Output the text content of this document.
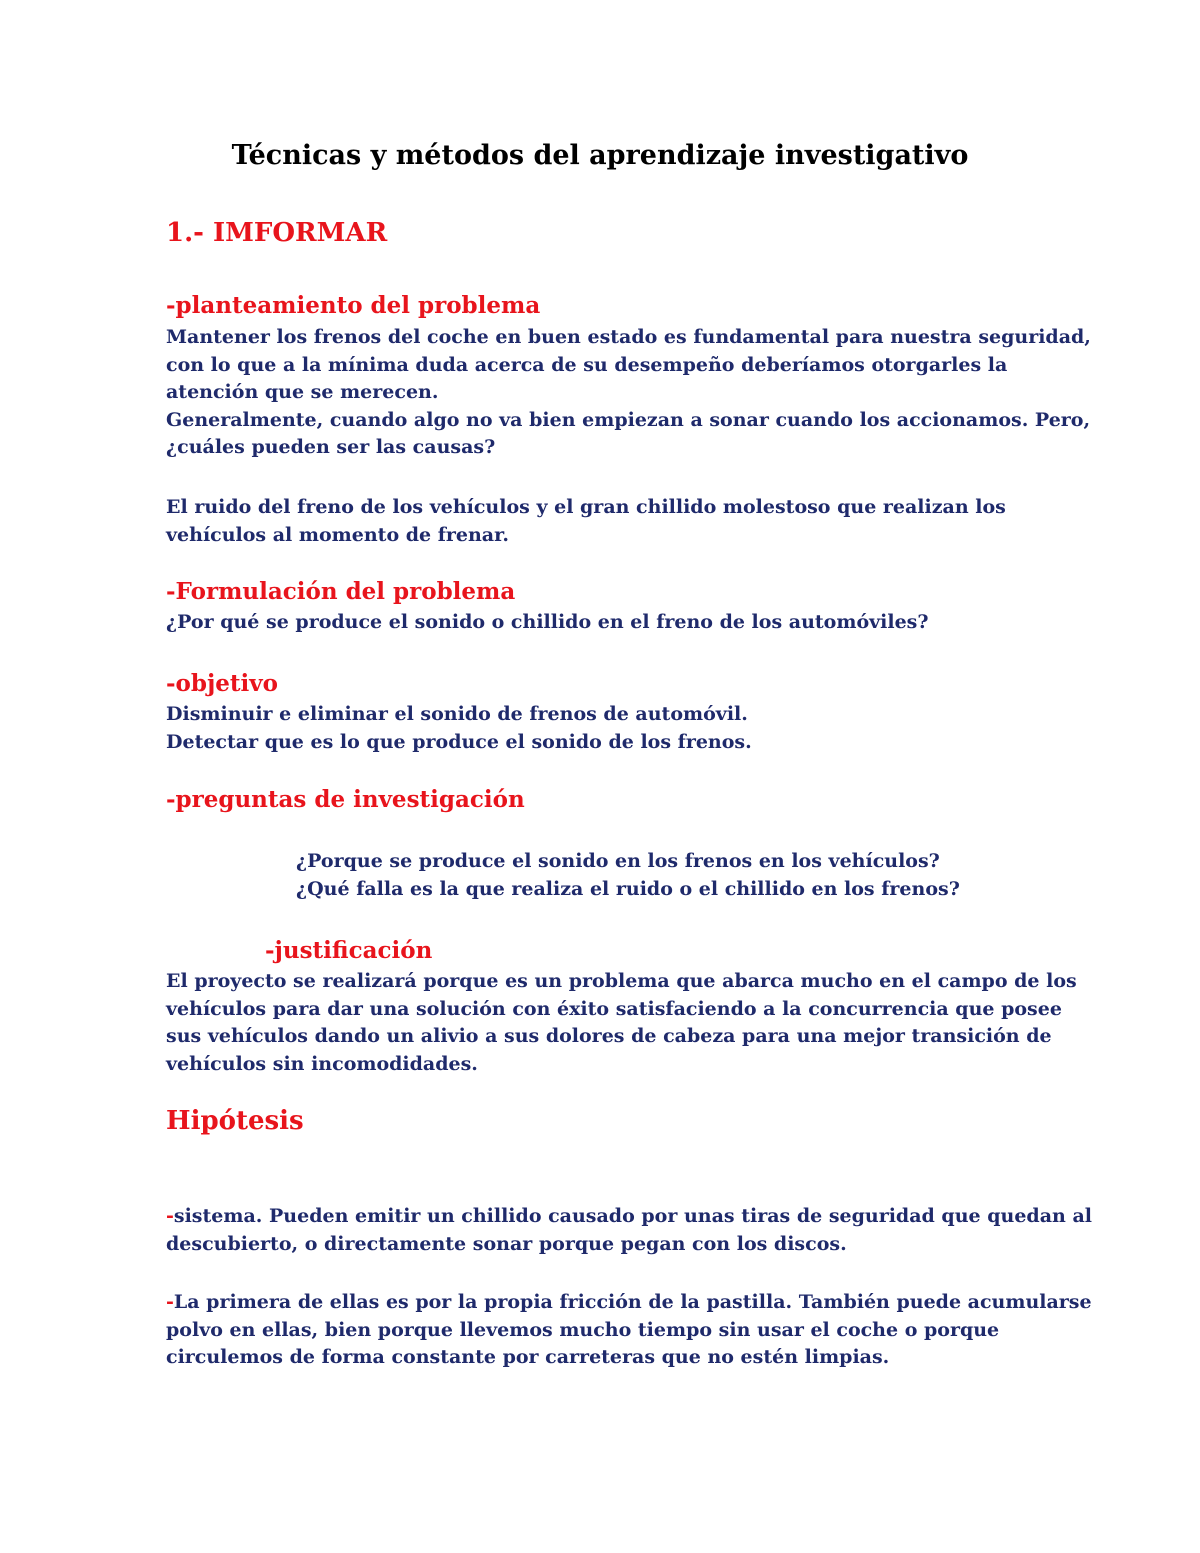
Técnicas y métodos del aprendizaje investigativo
1.- IMFORMAR
-planteamiento del problema

Mantener los frenos del coche en buen estado es fundamental para nuestra seguridad,
con lo que a la mínima duda acerca de su desempeño deberíamos otorgarles la
atención que se merecen.
Generalmente, cuando algo no va bien empiezan a sonar cuando los accionamos. Pero,
¿cuáles pueden ser las causas?

El ruido del freno de los vehículos y el gran chillido molestoso que realizan los
vehículos al momento de frenar.

-Formulación del problema

¿Por qué se produce el sonido o chillido en el freno de los automóviles?

-objetivo

Disminuir e eliminar el sonido de frenos de automóvil.
Detectar que es lo que produce el sonido de los frenos.

-preguntas de investigación

¿Porque se produce el sonido en los frenos en los vehículos?
¿Qué falla es la que realiza el ruido o el chillido en los frenos?

-justificación

El proyecto se realizará porque es un problema que abarca mucho en el campo de los
vehículos para dar una solución con éxito satisfaciendo a la concurrencia que posee
sus vehículos dando un alivio a sus dolores de cabeza para una mejor transición de
vehículos sin incomodidades.

Hipótesis

-sistema. Pueden emitir un chillido causado por unas tiras de seguridad que quedan al
descubierto, o directamente sonar porque pegan con los discos.

-La primera de ellas es por la propia fricción de la pastilla. También puede acumularse
polvo en ellas, bien porque llevemos mucho tiempo sin usar el coche o porque
circulemos de forma constante por carreteras que no estén limpias.
